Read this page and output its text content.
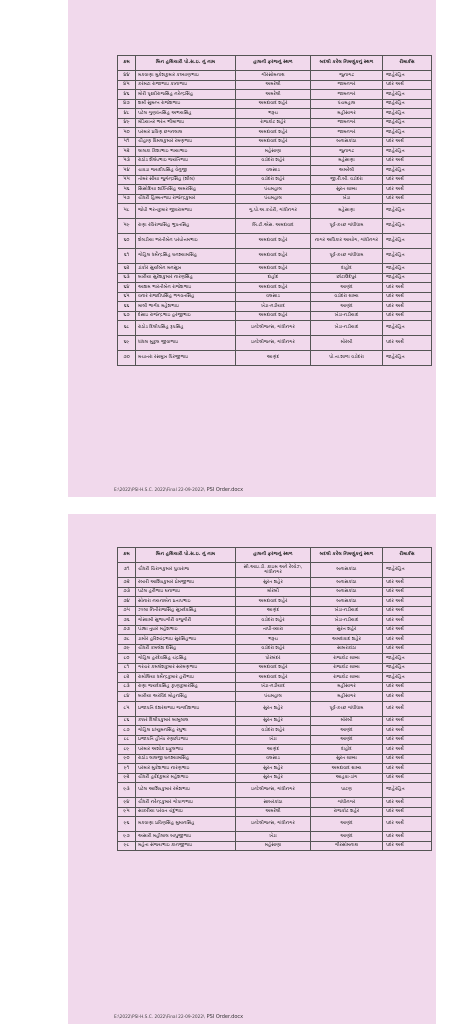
ક્રમ	બિન હથિયારી પો.સ.ઇ. નું નામ	હાલની ફરજનું સ્થળ	બદલી કરેલ નિમણુંકનું સ્થળ	રીમાર્કસ
૪૪	મકવાણા મુકેશકુમાર કલ્યાણભાઇ	ગીરસોમનાથ	જુનાગઢ	જાહેરહિત
૪૫	કરમટા રાજાભાઇ કાનાભાઇ	અમરેલી	જામનગર	પદર અર્થે
૪૬	મોરી પૃથ્વીરાજસિંહ નરેન્દ્રસિંહ	અમરેલી	જામનગર	જાહેરહિત
૪૭	શર્મા સુમન્ત રાજેશભાઇ	અમદાવાદ શહેર	પંચમહાલ	જાહેરહિત
૪૮	પટેલ ગુણવંતસિંહ અભયસિંહ	ભરૂચ	મહીસાગર	જાહેરહિત
૪૯	મેડિયાતર ભરત ભીમાભાઇ	રાજકોટ શહેર	જામનગર	જાહેરહિત
૫૦	પરમાર પ્રવિણ છગનલાલ	અમદાવાદ શહેર	જામનગર	જાહેરહિત
૫૧	ચૌહાણ વિમલકુમાર રમણભાઇ	અમદાવાદ શહેર	બનાસકાંઠા	પદર અર્થે
૫૨	લાલકા કિશાભાઇ ભાયાભાઇ	મહેસાણા	જુનાગઢ	જાહેરહિત
૫૩	રાઠોડ શૈલેષભાઇ જયંતિભાઇ	વડોદરા શહેર	મહેસાણા	પદર અર્થે
૫૪	ચાવડા જયદીપસિંહ વેનુજી	વલસાડ	અમરેલી	જાહેરહિત
૫૫	તોમર સીયા જુગેન્દ્રસિંહ (શીલ)	વડોદરા શહેર	જી.રી.બી. વડોદરા	પદર અર્થે
૫૬	સિસોદિયા શક્તિસિંહ અમરસિંહ	પંચમહાલ	સુરત ગ્રામ્ય	પદર અર્થે
૫૭	ચૌધરી હિમ્મતભાઇ રાજેન્દ્રકુમાર	પંચમહાલ	ખેડા	પદર અર્થે
૫૮	જોષી ભરતકુમાર જીવરામભાઇ	ગુ.પો.અ.કચેરી, ગાંધીનગર	મહેસાણા	જાહેરહિત
૫૯	રાણા રવિરાજસિંહ ભુપતસિંહ	બિ.ટી.એસ. અમદાવાદ	પૂર્વ-કચ્છ ગાંધીધામ	જાહેરહિત
૬૦	શેલડીયા ભરતીબેન પરષોત્તમભાઇ	અમદાવાદ શહેર	નાગર અધિકાર આયોગ, ગાંધીનગર	જાહેરહિત
૬૧	ગોહિલ ધર્મેન્દ્રસિંહ ઘનશ્યામસિંહ	અમદાવાદ શહેર	પૂર્વ-કચ્છ ગાંધીધામ	જાહેરહિત
૬૨	ડાંકોર સુર્યાબેન મનસુખ	અમદાવાદ શહેર	દાહોદ	જાહેરહિત
૬૩	બારીયા સુરેશકુમાર નારણસિંહ	દાહોદ	છોટાઉદેપુર	જાહેરહિત
૬૪	આશમ ભારતીબેન રાજેશભાઇ	અમદાવાદ શહેર	આણંદ	પદર અર્થે
૬૫	વનાર રાજદીપસિંહ ભગવતસિંહ	વલસાડ	વડોદરા ગ્રામ્ય	પદર અર્થે
૬૬	માલી ભાર્ગવ મહેશભાઇ	ખેડા-નડીયાદ	આણંદ	પદર અર્થે
૬૭	દેસાઇ રાજેન્દ્રભાઇ હરજીભાઇ	અમદાવાદ શહેર	ખેડા-નડીયાદ	પદર અર્થે
૬૮	રાઠોડ દિલીપસિંહ રૂપસિંહ	ઇન્ટેલીજન્સ, ગાંધીનગર	ખેડા-નડીયાદ	જાહેરહિત
૬૯	ધાંધલ મુકુલ જીવાભાઇ	ઇન્ટેલીજન્સ, ગાંધીનગર	મોરબી	પદર અર્થે
૭૦	મચાતરા રસમુખ પિરજીભાઇ	આણંદ	પો.તા.શાળા વડોદરા	જાહેરહિત
E:\2022\PSI-H.S.C. 2022\Final 22-09-2022\ PSI Order.docx
ક્રમ	બિન હથિયારી પો.સ.ઇ. નું નામ	હાલની ફરજનું સ્થળ	બદલી કરેલ નિમણુંકનું સ્થળ	રીમાર્કસ
૭૧	ચૌધરી ચિરાગકુમાર પુષ્પરાજ	સી.આઇ.ડી. ક્રાઇમ અને રેલ્વેઝ, ગાંધીનગર	બનાસકાંઠા	જાહેરહિત
૭૨	રબારી આશિષકુમાર પ્રેમજીભાઇ	સુરત શહેર	બનાસકાંઠા	પદર અર્થે
૭૩	પટેલ હરીભાઇ ઘનાભાઇ	મોરબી	બનાસકાંઠા	પદર અર્થે
૭૪	સોનારા નયનાબેન પ્રતાપભાઇ	અમદાવાદ શહેર	બનાસકાંઠા	પદર અર્થે
૭૫	ઝાલા નિતીરાજસિંહ સુખદેવસિંહ	આણંદ	ખેડા-નડીયાદ	પદર અર્થે
૭૬	ગોસ્વામી સુભાષગીરી વજુગીરી	વડોદરા શહેર	ખેડા-નડીયાદ	પદર અર્થે
૭૭	પંડ્યા તુષાર મહેશભાઇ	તાપી-વ્યારા	સુરત શહેર	પદર અર્થે
૭૮	ડામોર હરિશ્ચંદ્રભાઇ સુરસિંહભાઇ	ભરૂચ	અમદાવાદ શહેર	પદર અર્થે
૭૯	ચૌધરી કમલેશ દેસિંહ	વડોદરા શહેર	સાબરકાંઠા	પદર અર્થે
૮૦	ગોહિલ હરદેવસિંહ ચંદ્રસિંહ	પોરબંદર	રાજકોટ ગ્રામ્ય	જાહેરહિત
૮૧	ગરચર કમલેશકુમાર સરમણભાઇ	અમદાવાદ શહેર	રાજકોટ ગ્રામ્ય	જાહેરહિત
૮૨	રામોલિયા ધર્મેન્દ્રકુમાર હરીભાઇ	અમદાવાદ શહેર	રાજકોટ ગ્રામ્ય	જાહેરહિત
૮૩	રાણા જયદેવસિંહ કૃષ્ણકુમારસિંહ	ખેડા-નડીયાદ	મહીસાગર	પદર અર્થે
૮૪	બારીયા અરવિંદ મોહનસિંહ	પંચમહાલ	મહીસાગર	પદર અર્થે
૮૫	પ્રજાપતિ દશરથભાઇ જગદીશભાઇ	સુરત શહેર	પૂર્વ-કચ્છ ગાંધીધામ	પદર અર્થે
૮૬	કક્કર દિલીપકુમાર બાબુલાલ	સુરત શહેર	મોરબી	પદર અર્થે
૮૭	ગોહિલ પ્રધ્યુમનસિંહ રઘુભા	વડોદરા શહેર	આણંદ	પદર અર્થે
૮૮	પ્રજાપતિ હીતેષ રણછોડભાઇ	ખેડા	આણંદ	પદર અર્થે
૮૯	પરમાર અશોક પ્રફુલભાઇ	આણંદ	દાહોદ	પદર અર્થે
૯૦	રાઠોડ લાલજી ઘનશ્યામસિંહ	વલસાડ	સુરત ગ્રામ્ય	પદર અર્થે
૯૧	પરમાર મુકેશભાઇ નારણભાઇ	સુરત શહેર	અમદાવાદ ગ્રામ્ય	પદર અર્થે
૯૨	ચૌધરી હર્ષદકુમાર મહેશભાઇ	સુરત શહેર	આહવા-ડાંગ	પદર અર્થે
૯૩	પટેલ આશિષકુમાર રમેશભાઇ	ઇન્ટેલીજન્સ, ગાંધીનગર	પાટણ	જાહેરહિત
૯૪	ચૌધરી નરેન્દ્રકુમાર ગોપાળભાઇ	સાબરકાંઠા	ગાંધીનગર	પદર અર્થે
૯૫	સાકરીયા પરવત ચંદુભાઇ	અમરેલી	રાજકોટ શહેર	પદર અર્થે
૯૬	મકવાણા પ્રવિણસિંહ મુમાનસિંહ	ઇન્ટેલીજન્સ, ગાંધીનગર	આણંદ	પદર અર્થે
૯૭	અસારી મહીલાલ બાપુજીભાઇ	ખેડા	આણંદ	પદર અર્થે
૯૮	મહેતા સંજયભાઇ કાનજીભાઇ	મહેસાણા	ગીરસોમનાથ	પદર અર્થે
E:\2022\PSI-H.S.C. 2022\Final 22-09-2022\ PSI Order.docx
